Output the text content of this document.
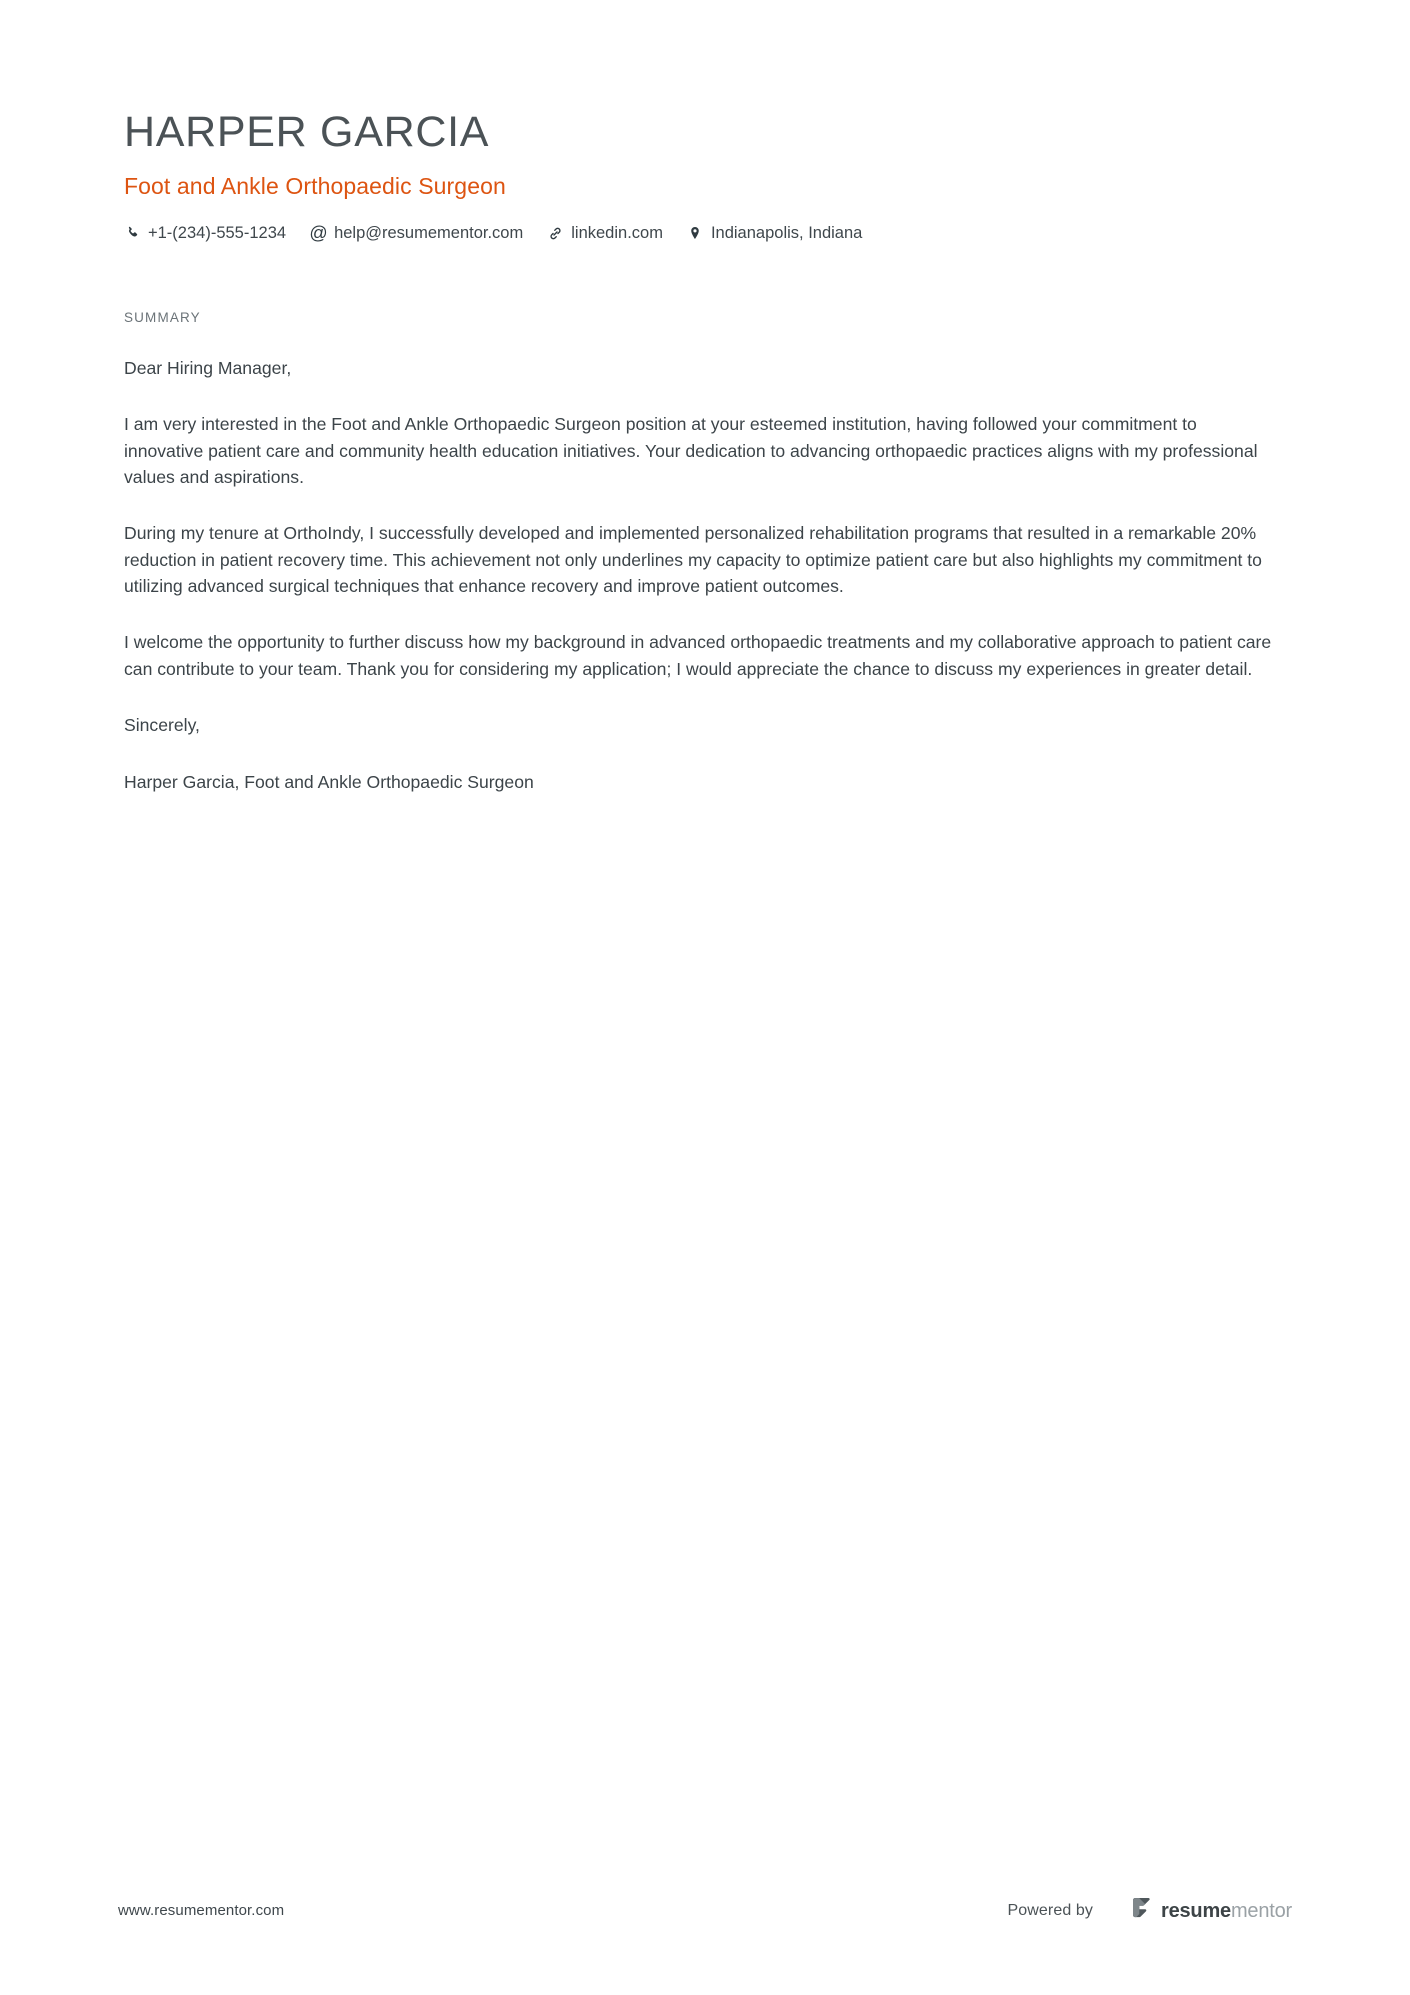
HARPER GARCIA
Foot and Ankle Orthopaedic Surgeon
+1-(234)-555-1234 @ help@resumementor.com	linkedin.com	Indianapolis, Indiana
SUMMARY

Dear Hiring Manager,

I am very interested in the Foot and Ankle Orthopaedic Surgeon position at your esteemed institution, having followed your commitment to innovative patient care and community health education initiatives. Your dedication to advancing orthopaedic practices aligns with my professional values and aspirations.

During my tenure at OrthoIndy, I successfully developed and implemented personalized rehabilitation programs that resulted in a remarkable 20% reduction in patient recovery time. This achievement not only underlines my capacity to optimize patient care but also highlights my commitment to utilizing advanced surgical techniques that enhance recovery and improve patient outcomes.

I welcome the opportunity to further discuss how my background in advanced orthopaedic treatments and my collaborative approach to patient care can contribute to your team. Thank you for considering my application; I would appreciate the chance to discuss my experiences in greater detail.

Sincerely,

Harper Garcia, Foot and Ankle Orthopaedic Surgeon

www.resumementor.com	Powered by	resumementor
